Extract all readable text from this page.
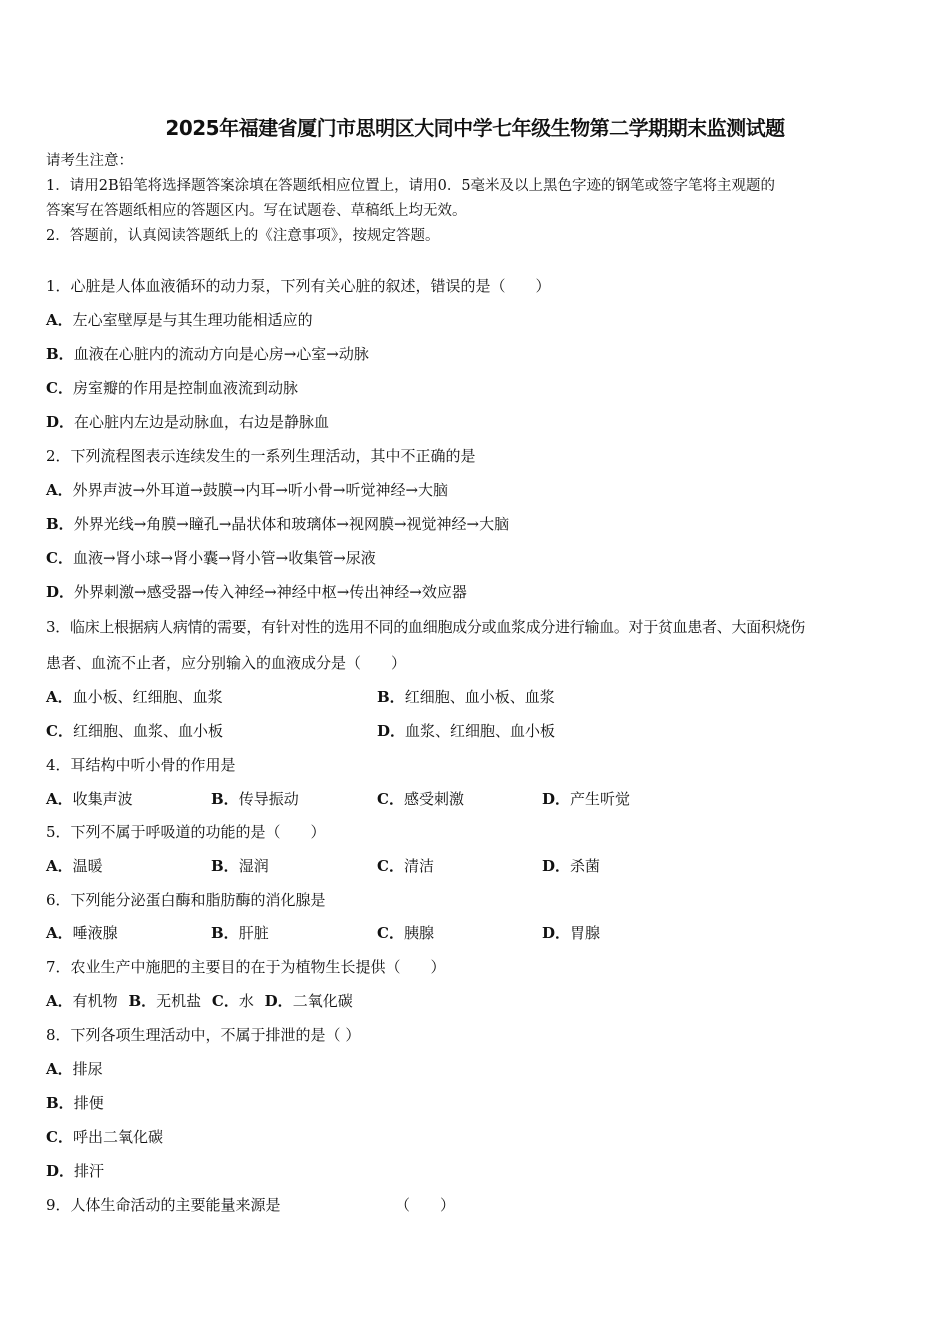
2025年福建省厦门市思明区大同中学七年级生物第二学期期末监测试题
请考生注意：
1．请用2B铅笔将选择题答案涂填在答题纸相应位置上，请用0．5毫米及以上黑色字迹的钢笔或签字笔将主观题的
答案写在答题纸相应的答题区内。写在试题卷、草稿纸上均无效。
2．答题前，认真阅读答题纸上的《注意事项》，按规定答题。
1．心脏是人体血液循环的动力泵，下列有关心脏的叙述，错误的是（　　）
A．左心室壁厚是与其生理功能相适应的
B．血液在心脏内的流动方向是心房→心室→动脉
C．房室瓣的作用是控制血液流到动脉
D．在心脏内左边是动脉血，右边是静脉血
2．下列流程图表示连续发生的一系列生理活动，其中不正确的是
A．外界声波→外耳道→鼓膜→内耳→听小骨→听觉神经→大脑
B．外界光线→角膜→瞳孔→晶状体和玻璃体→视网膜→视觉神经→大脑
C．血液→肾小球→肾小囊→肾小管→收集管→尿液
D．外界刺激→感受器→传入神经→神经中枢→传出神经→效应器
3．临床上根据病人病情的需要，有针对性的选用不同的血细胞成分或血浆成分进行输血。对于贫血患者、大面积烧伤
患者、血流不止者，应分别输入的血液成分是（　　）
A．血小板、红细胞、血浆	B．红细胞、血小板、血浆
C．红细胞、血浆、血小板	D．血浆、红细胞、血小板
4．耳结构中听小骨的作用是
A．收集声波	B．传导振动	C．感受刺激	D．产生听觉
5．下列不属于呼吸道的功能的是（　　）
A．温暖	B．湿润	C．清洁	D．杀菌
6．下列能分泌蛋白酶和脂肪酶的消化腺是
A．唾液腺	B．肝脏	C．胰腺	D．胃腺
7．农业生产中施肥的主要目的在于为植物生长提供（　　）
A．有机物 B．无机盐 C．水 D．二氧化碳
8．下列各项生理活动中，不属于排泄的是（ ）
A．排尿
B．排便
C．呼出二氧化碳
D．排汗
9．人体生命活动的主要能量来源是	（　　）
